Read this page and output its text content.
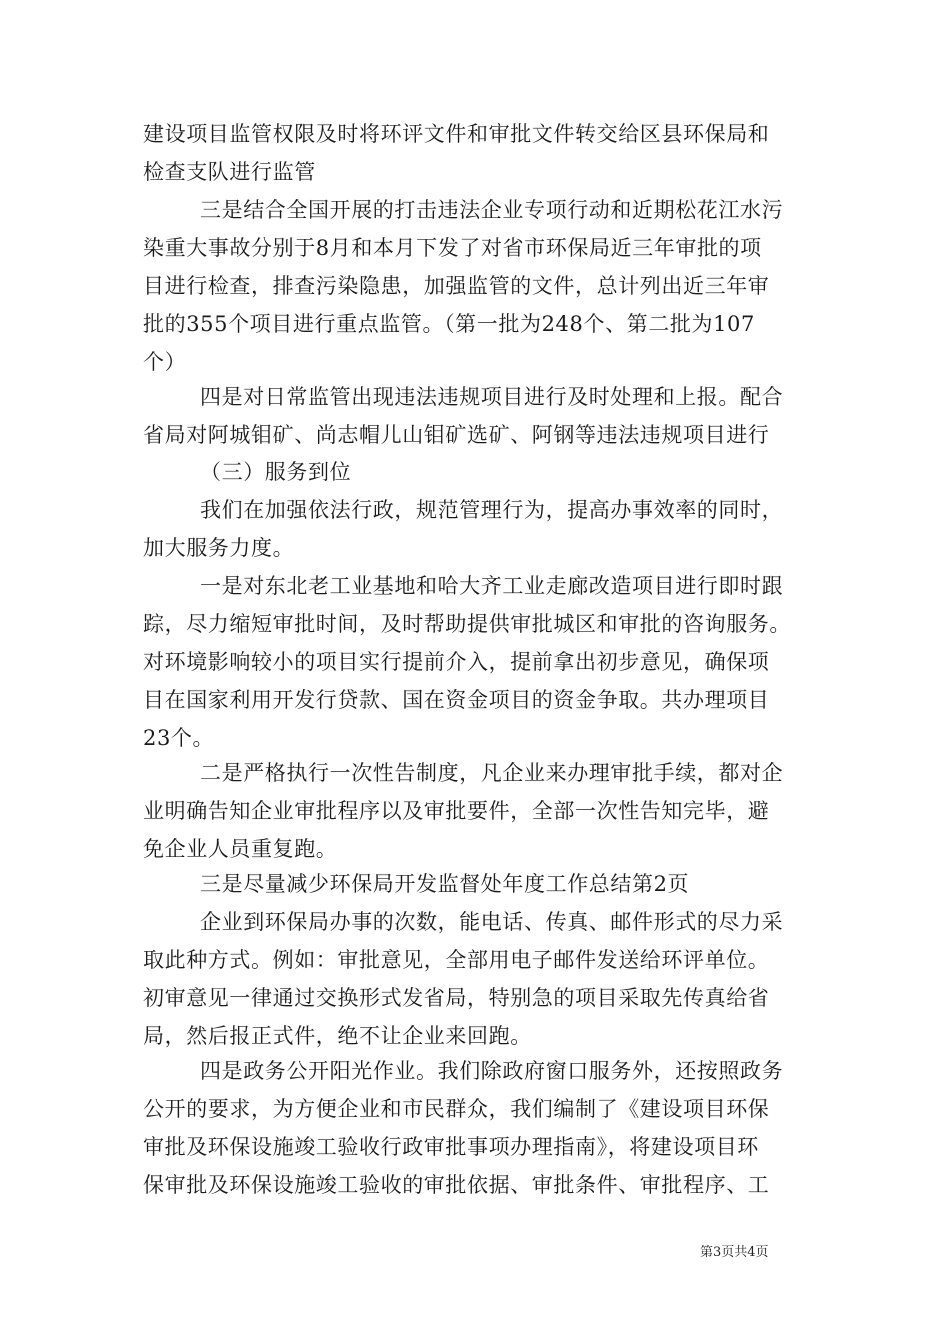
建设项目监管权限及时将环评文件和审批文件转交给区县环保局和
检查支队进行监管
三是结合全国开展的打击违法企业专项行动和近期松花江水污
染重大事故分别于8月和本月下发了对省市环保局近三年审批的项
目进行检查，排查污染隐患，加强监管的文件，总计列出近三年审
批的355个项目进行重点监管。（第一批为248个、第二批为107
个）
四是对日常监管出现违法违规项目进行及时处理和上报。配合
省局对阿城钼矿、尚志帽儿山钼矿选矿、阿钢等违法违规项目进行
（三）服务到位
我们在加强依法行政，规范管理行为，提高办事效率的同时，
加大服务力度。
一是对东北老工业基地和哈大齐工业走廊改造项目进行即时跟
踪，尽力缩短审批时间，及时帮助提供审批城区和审批的咨询服务。
对环境影响较小的项目实行提前介入，提前拿出初步意见，确保项
目在国家利用开发行贷款、国在资金项目的资金争取。共办理项目
23个。
二是严格执行一次性告制度，凡企业来办理审批手续，都对企
业明确告知企业审批程序以及审批要件，全部一次性告知完毕，避
免企业人员重复跑。
三是尽量减少环保局开发监督处年度工作总结第2页
企业到环保局办事的次数，能电话、传真、邮件形式的尽力采
取此种方式。例如：审批意见，全部用电子邮件发送给环评单位。
初审意见一律通过交换形式发省局，特别急的项目采取先传真给省
局，然后报正式件，绝不让企业来回跑。
四是政务公开阳光作业。我们除政府窗口服务外，还按照政务
公开的要求，为方便企业和市民群众，我们编制了《建设项目环保
审批及环保设施竣工验收行政审批事项办理指南》，将建设项目环
保审批及环保设施竣工验收的审批依据、审批条件、审批程序、工
第3页共4页
